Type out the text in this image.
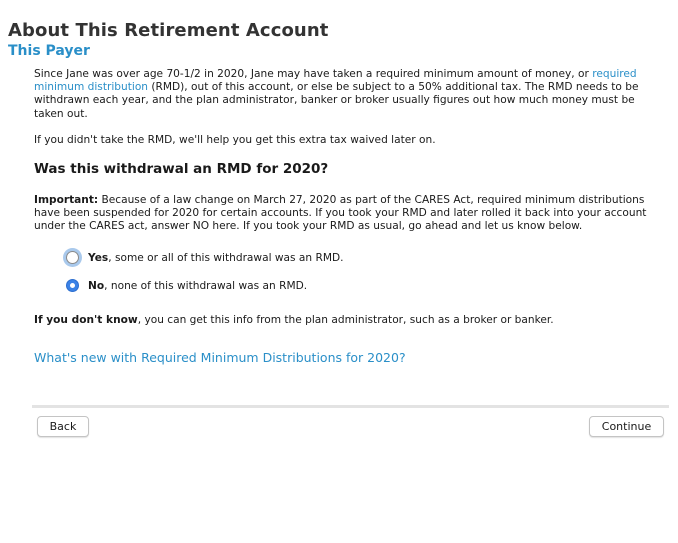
About This Retirement Account
This Payer

Since Jane was over age 70-1/2 in 2020, Jane may have taken a required minimum amount of money, or required minimum distribution (RMD), out of this account, or else be subject to a 50% additional tax. The RMD needs to be withdrawn each year, and the plan administrator, banker or broker usually figures out how much money must be taken out.

If you didn't take the RMD, we'll help you get this extra tax waived later on.

Was this withdrawal an RMD for 2020?
Important: Because of a law change on March 27, 2020 as part of the CARES Act, required minimum distributions have been suspended for 2020 for certain accounts. If you took your RMD and later rolled it back into your account under the CARES act, answer NO here. If you took your RMD as usual, go ahead and let us know below.
Yes, some or all of this withdrawal was an RMD.
No, none of this withdrawal was an RMD.
If you don't know, you can get this info from the plan administrator, such as a broker or banker.
What's new with Required Minimum Distributions for 2020?
Back	Continue
